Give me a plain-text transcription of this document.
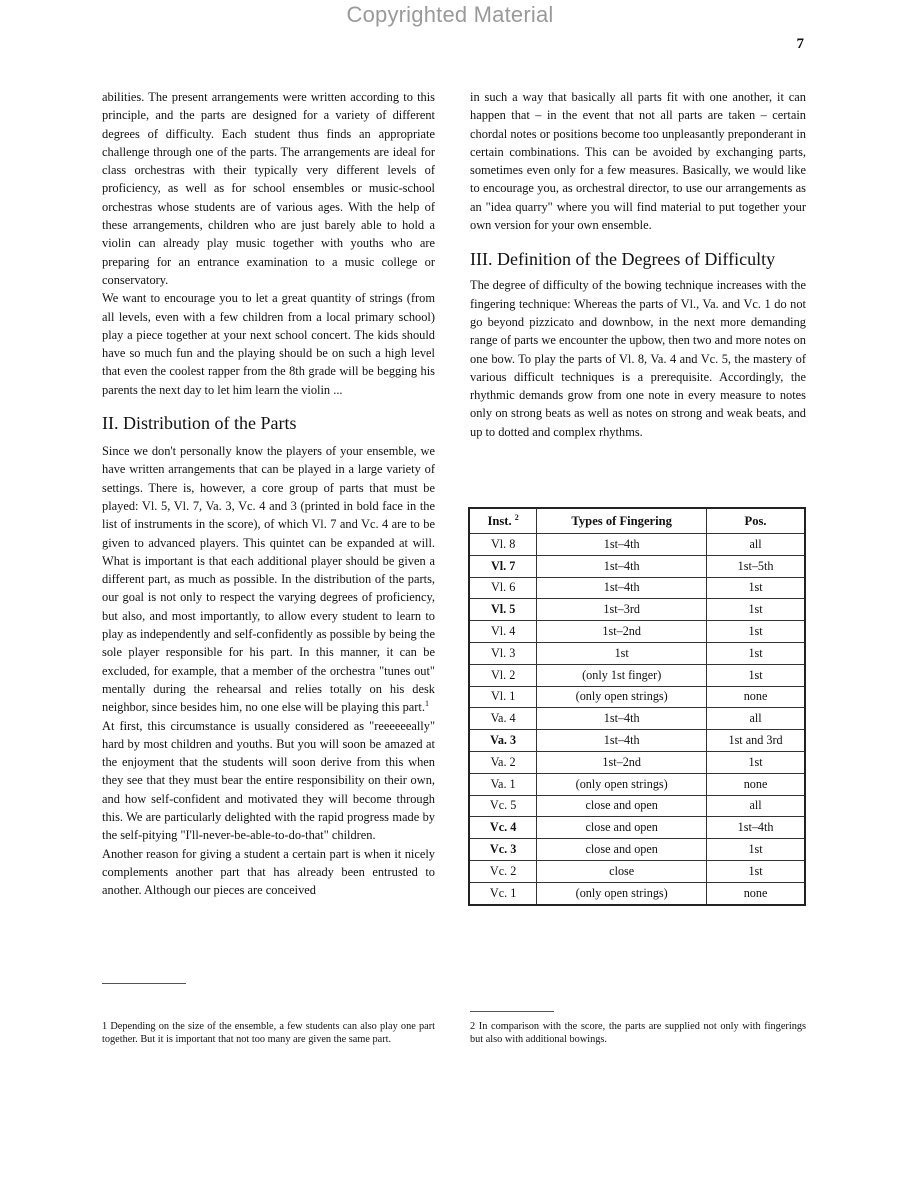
Copyrighted Material
7

abilities. The present arrangements were written according to this principle, and the parts are designed for a variety of different degrees of difficulty. Each student thus finds an appropriate challenge through one of the parts. The arrangements are ideal for class orchestras with their typically very different levels of proficiency, as well as for school ensembles or music-school orchestras whose students are of various ages. With the help of these arrangements, children who are just barely able to hold a violin can already play music together with youths who are preparing for an entrance examination to a music college or conservatory.

We want to encourage you to let a great quantity of strings (from all levels, even with a few children from a local primary school) play a piece together at your next school concert. The kids should have so much fun and the playing should be on such a high level that even the coolest rapper from the 8th grade will be begging his parents the next day to let him learn the violin ...

II. Distribution of the Parts

Since we don't personally know the players of your ensemble, we have written arrangements that can be played in a large variety of settings. There is, however, a core group of parts that must be played: Vl. 5, Vl. 7, Va. 3, Vc. 4 and 3 (printed in bold face in the list of instruments in the score), of which Vl. 7 and Vc. 4 are to be given to advanced players. This quintet can be expanded at will. What is important is that each additional player should be given a different part, as much as possible. In the distribution of the parts, our goal is not only to respect the varying degrees of proficiency, but also, and most importantly, to allow every student to learn to play as independently and self-confidently as possible by being the sole player responsible for his part. In this manner, it can be excluded, for example, that a member of the orchestra "tunes out" mentally during the rehearsal and relies totally on his desk neighbor, since besides him, no one else will be playing this part.$^1$

At first, this circumstance is usually considered as "reeeeeeally" hard by most children and youths. But you will soon be amazed at the enjoyment that the students will soon derive from this when they see that they must bear the entire responsibility on their own, and how self-confident and motivated they will become through this. We are particularly delighted with the rapid progress made by the self-pitying "I'll-never-be-able-to-do-that" children.

Another reason for giving a student a certain part is when it nicely complements another part that has already been entrusted to another. Although our pieces are conceived

in such a way that basically all parts fit with one another, it can happen that – in the event that not all parts are taken – certain chordal notes or positions become too unpleasantly preponderant in certain combinations. This can be avoided by exchanging parts, sometimes even only for a few measures. Basically, we would like to encourage you, as orchestral director, to use our arrangements as an "idea quarry" where you will find material to put together your own version for your own ensemble.

III. Definition of the Degrees of Difficulty

The degree of difficulty of the bowing technique increases with the fingering technique: Whereas the parts of Vl., Va. and Vc. 1 do not go beyond pizzicato and downbow, in the next more demanding range of parts we encounter the upbow, then two and more notes on one bow. To play the parts of Vl. 8, Va. 4 and Vc. 5, the mastery of various difficult techniques is a prerequisite. Accordingly, the rhythmic demands grow from one note in every measure to notes only on strong beats as well as notes on strong and weak beats, and up to dotted and complex rhythms.

Inst. $^2$	Types of Fingering	Pos.
Vl. 8	1st–4th	all
Vl. 7	1st–4th	1st–5th
Vl. 6	1st–4th	1st
Vl. 5	1st–3rd	1st
Vl. 4	1st–2nd	1st
Vl. 3	1st	1st
Vl. 2	(only 1st finger)	1st
Vl. 1	(only open strings)	none
Va. 4	1st–4th	all
Va. 3	1st–4th	1st and 3rd
Va. 2	1st–2nd	1st
Va. 1	(only open strings)	none
Vc. 5	close and open	all
Vc. 4	close and open	1st–4th
Vc. 3	close and open	1st
Vc. 2	close	1st
Vc. 1	(only open strings)	none

1 Depending on the size of the ensemble, a few students can also play one part together. But it is important that not too many are given the same part.

2 In comparison with the score, the parts are supplied not only with fingerings but also with additional bowings.
